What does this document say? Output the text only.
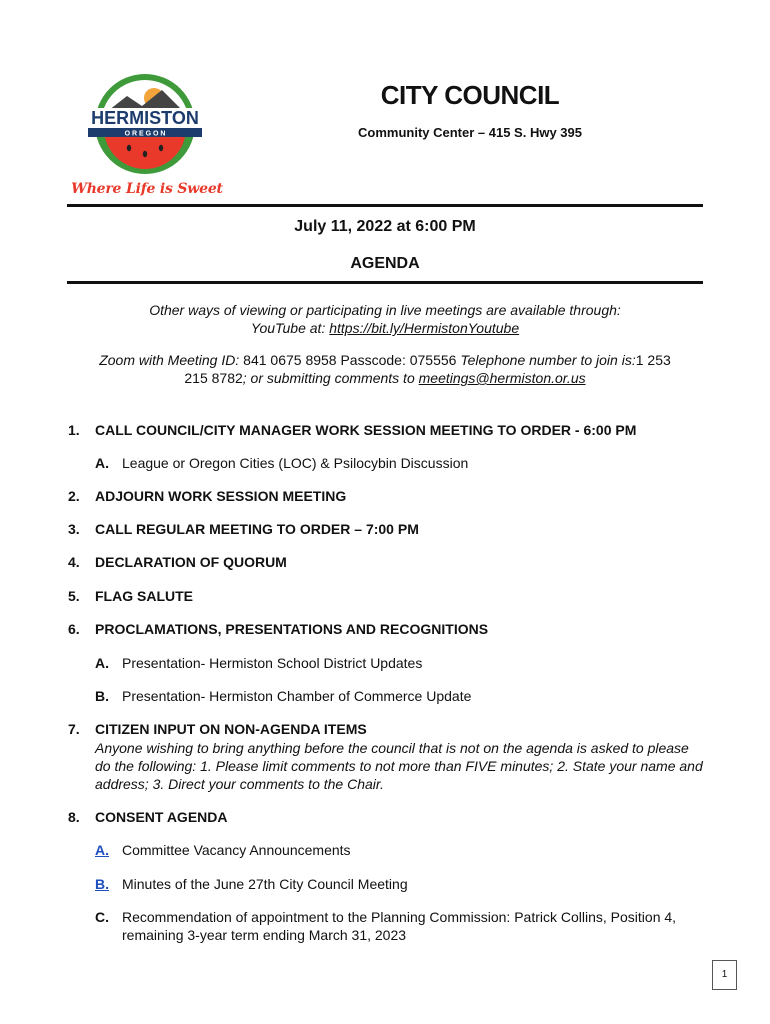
HERMISTON
O R E G O N
Where Life is Sweet
CITY COUNCIL
Community Center – 415 S. Hwy 395
July 11, 2022 at 6:00 PM
AGENDA
Other ways of viewing or participating in live meetings are available through:
YouTube at: https://bit.ly/HermistonYoutube
Zoom with Meeting ID: 841 0675 8958 Passcode: 075556 Telephone number to join is:1 253
215 8782; or submitting comments to meetings@hermiston.or.us
1. CALL COUNCIL/CITY MANAGER WORK SESSION MEETING TO ORDER - 6:00 PM
A. League or Oregon Cities (LOC) & Psilocybin Discussion
2. ADJOURN WORK SESSION MEETING
3. CALL REGULAR MEETING TO ORDER – 7:00 PM
4. DECLARATION OF QUORUM
5. FLAG SALUTE
6. PROCLAMATIONS, PRESENTATIONS AND RECOGNITIONS
A. Presentation- Hermiston School District Updates
B. Presentation- Hermiston Chamber of Commerce Update
7. CITIZEN INPUT ON NON-AGENDA ITEMS
Anyone wishing to bring anything before the council that is not on the agenda is asked to please do the following: 1. Please limit comments to not more than FIVE minutes; 2. State your name and address; 3. Direct your comments to the Chair.
8. CONSENT AGENDA
A. Committee Vacancy Announcements
B. Minutes of the June 27th City Council Meeting
C. Recommendation of appointment to the Planning Commission: Patrick Collins, Position 4, remaining 3-year term ending March 31, 2023
1
